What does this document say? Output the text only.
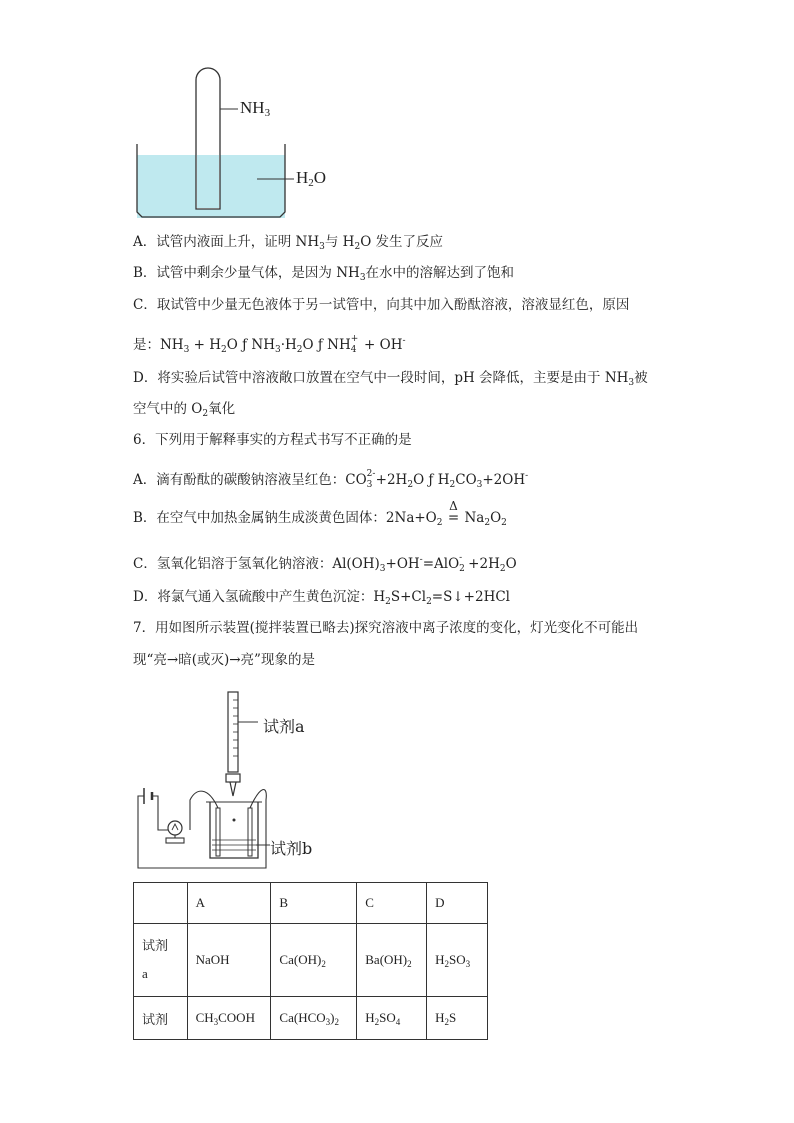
$NH_3$
$H_2O$
A．试管内液面上升，证明 $NH_3$与 $H_2O$ 发生了反应
B．试管中剩余少量气体，是因为 $NH_3$在水中的溶解达到了饱和
C．取试管中少量无色液体于另一试管中，向其中加入酚酞溶液，溶液显红色，原因
是：$NH_3 + H_2O$ ƒ $NH_3\cdot H_2O$ ƒ NH +
4 + OH-
D．将实验后试管中溶液敞口放置在空气中一段时间，pH 会降低，主要是由于 $NH_3$被
空气中的 $O_2$氧化
6．下列用于解释事实的方程式书写不正确的是
A．滴有酚酞的碳酸钠溶液呈红色：CO 2-
$3 +2H_2O$ ƒ $H_2CO_3+2OH^-$
B．在空气中加热金属钠生成淡黄色固体：$2Na+O_2$
Δ
= $Na_2O_2$
C．氢氧化铝溶于氢氧化钠溶液：$Al(OH)_3+OH^-=AlO$ -
$2 +2H_2O$
D．将氯气通入氢硫酸中产生黄色沉淀：$H_2S+Cl_2=S↓+2HCl$
7．用如图所示装置(搅拌装置已略去)探究溶液中离子浓度的变化，灯光变化不可能出
现“亮→暗(或灭)→亮”现象的是
试剂a
试剂b
	A	B	C	D

试剂
a	NaOH	$Ca(OH)_2$	$Ba(OH)_2$	$H_2SO_3$
试剂	$CH_3COOH$	$Ca(HCO_3)_2$	$H_2SO_4$	$H_2S$
